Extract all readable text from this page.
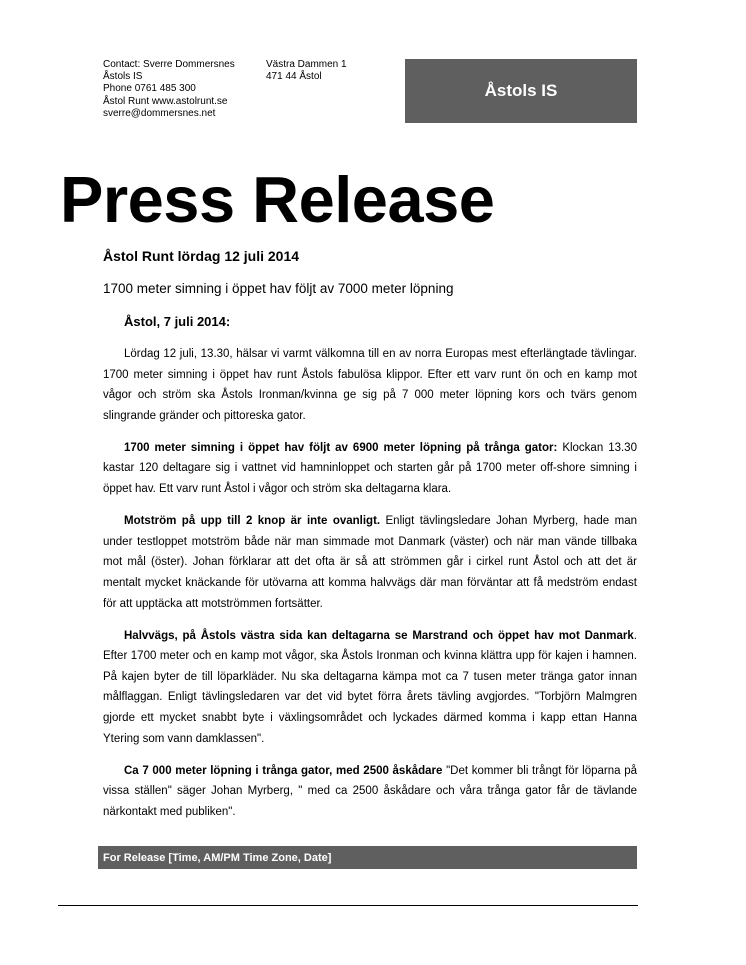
Contact: Sverre Dommersnes
Åstols IS
Phone 0761 485 300
Åstol Runt www.astolrunt.se
sverre@dommersnes.net
Västra Dammen 1
471 44 Åstol
Åstols IS
Press Release
Åstol Runt lördag 12 juli 2014
1700 meter simning i öppet hav följt av 7000 meter löpning
Åstol, 7 juli 2014:

Lördag 12 juli, 13.30, hälsar vi varmt välkomna till en av norra Europas mest efterlängtade tävlingar. 1700 meter simning i öppet hav runt Åstols fabulösa klippor. Efter ett varv runt ön och en kamp mot vågor och ström ska Åstols Ironman/kvinna ge sig på 7 000 meter löpning kors och tvärs genom slingrande gränder och pittoreska gator.

1700 meter simning i öppet hav följt av 6900 meter löpning på trånga gator: Klockan 13.30 kastar 120 deltagare sig i vattnet vid hamninloppet och starten går på 1700 meter off-shore simning i öppet hav. Ett varv runt Åstol i vågor och ström ska deltagarna klara.

Motström på upp till 2 knop är inte ovanligt. Enligt tävlingsledare Johan Myrberg, hade man under testloppet motström både när man simmade mot Danmark (väster) och när man vände tillbaka mot mål (öster). Johan förklarar att det ofta är så att strömmen går i cirkel runt Åstol och att det är mentalt mycket knäckande för utövarna att komma halvvägs där man förväntar att få medström endast för att upptäcka att motströmmen fortsätter.

Halvvägs, på Åstols västra sida kan deltagarna se Marstrand och öppet hav mot Danmark. Efter 1700 meter och en kamp mot vågor, ska Åstols Ironman och kvinna klättra upp för kajen i hamnen. På kajen byter de till löparkläder. Nu ska deltagarna kämpa mot ca 7 tusen meter tränga gator innan målflaggan. Enligt tävlingsledaren var det vid bytet förra årets tävling avgjordes. "Torbjörn Malmgren gjorde ett mycket snabbt byte i växlingsområdet och lyckades därmed komma i kapp ettan Hanna Ytering som vann damklassen".

Ca 7 000 meter löpning i trånga gator, med 2500 åskådare "Det kommer bli trångt för löparna på vissa ställen" säger Johan Myrberg, " med ca 2500 åskådare och våra trånga gator får de tävlande närkontakt med publiken".

For Release [Time, AM/PM Time Zone, Date]
